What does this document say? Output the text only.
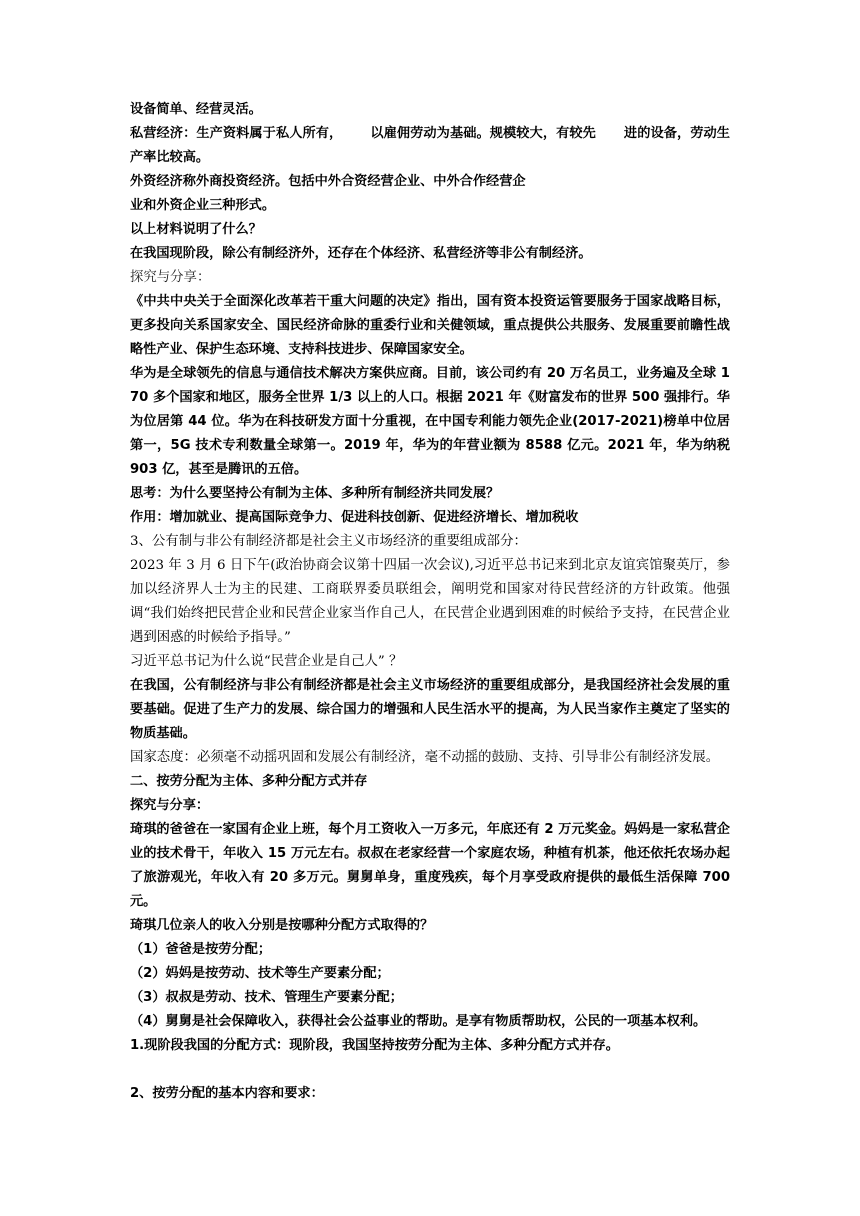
设备简单、经营灵活。

私营经济：生产资料属于私人所有，      以雇佣劳动为基础。规模较大，有较先      进的设备，劳动生产率比较高。

外资经济称外商投资经济。包括中外合资经营企业、中外合作经营企

业和外资企业三种形式。

以上材料说明了什么？

在我国现阶段，除公有制经济外，还存在个体经济、私营经济等非公有制经济。

探究与分享：

《中共中央关于全面深化改革若干重大问题的决定》指出，国有资本投资运管要服务于国家战略目标，更多投向关系国家安全、国民经济命脉的重委行业和关健领域，重点提供公共服务、发展重要前瞻性战略性产业、保护生态环境、支持科技进步、保障国家安全。

华为是全球领先的信息与通信技术解决方案供应商。目前，该公司约有 20 万名员工，业务遍及全球 170 多个国家和地区，服务全世界 1/3 以上的人口。根据 2021 年《财富发布的世界 500 强排行。华为位居第 44 位。华为在科技研发方面十分重视，在中国专利能力领先企业(2017-2021)榜单中位居第一，5G 技术专利数量全球第一。2019 年，华为的年营业额为 8588 亿元。2021 年，华为纳税 903 亿，甚至是腾讯的五倍。

思考：为什么要坚持公有制为主体、多种所有制经济共同发展？

作用：增加就业、提高国际竞争力、促进科技创新、促进经济增长、增加税收

3、公有制与非公有制经济都是社会主义市场经济的重要组成部分：

2023 年 3 月 6 日下午(政治协商会议第十四届一次会议),习近平总书记来到北京友谊宾馆聚英厅，参加以经济界人士为主的民建、工商联界委员联组会，阐明党和国家对待民营经济的方针政策。他强调“我们始终把民营企业和民营企业家当作自己人，在民营企业遇到困难的时候给予支持，在民营企业遇到困惑的时候给予指导。”

习近平总书记为什么说“民营企业是自己人” ？

在我国，公有制经济与非公有制经济都是社会主义市场经济的重要组成部分，是我国经济社会发展的重要基础。促进了生产力的发展、综合国力的增强和人民生活水平的提高，为人民当家作主奠定了坚实的物质基础。

国家态度：必须毫不动摇巩固和发展公有制经济，毫不动摇的鼓励、支持、引导非公有制经济发展。

二、按劳分配为主体、多种分配方式并存

探究与分享：

琦琪的爸爸在一家国有企业上班，每个月工资收入一万多元，年底还有 2 万元奖金。妈妈是一家私营企业的技术骨干，年收入 15 万元左右。叔叔在老家经营一个家庭农场，种植有机茶，他还依托农场办起了旅游观光，年收入有 20 多万元。舅舅单身，重度残疾，每个月享受政府提供的最低生活保障 700 元。

琦琪几位亲人的收入分别是按哪种分配方式取得的？

（1）爸爸是按劳分配；

（2）妈妈是按劳动、技术等生产要素分配；

（3）叔叔是劳动、技术、管理生产要素分配；

（4）舅舅是社会保障收入，获得社会公益事业的帮助。是享有物质帮助权，公民的一项基本权利。

1.现阶段我国的分配方式：现阶段，我国坚持按劳分配为主体、多种分配方式并存。

2、按劳分配的基本内容和要求：
